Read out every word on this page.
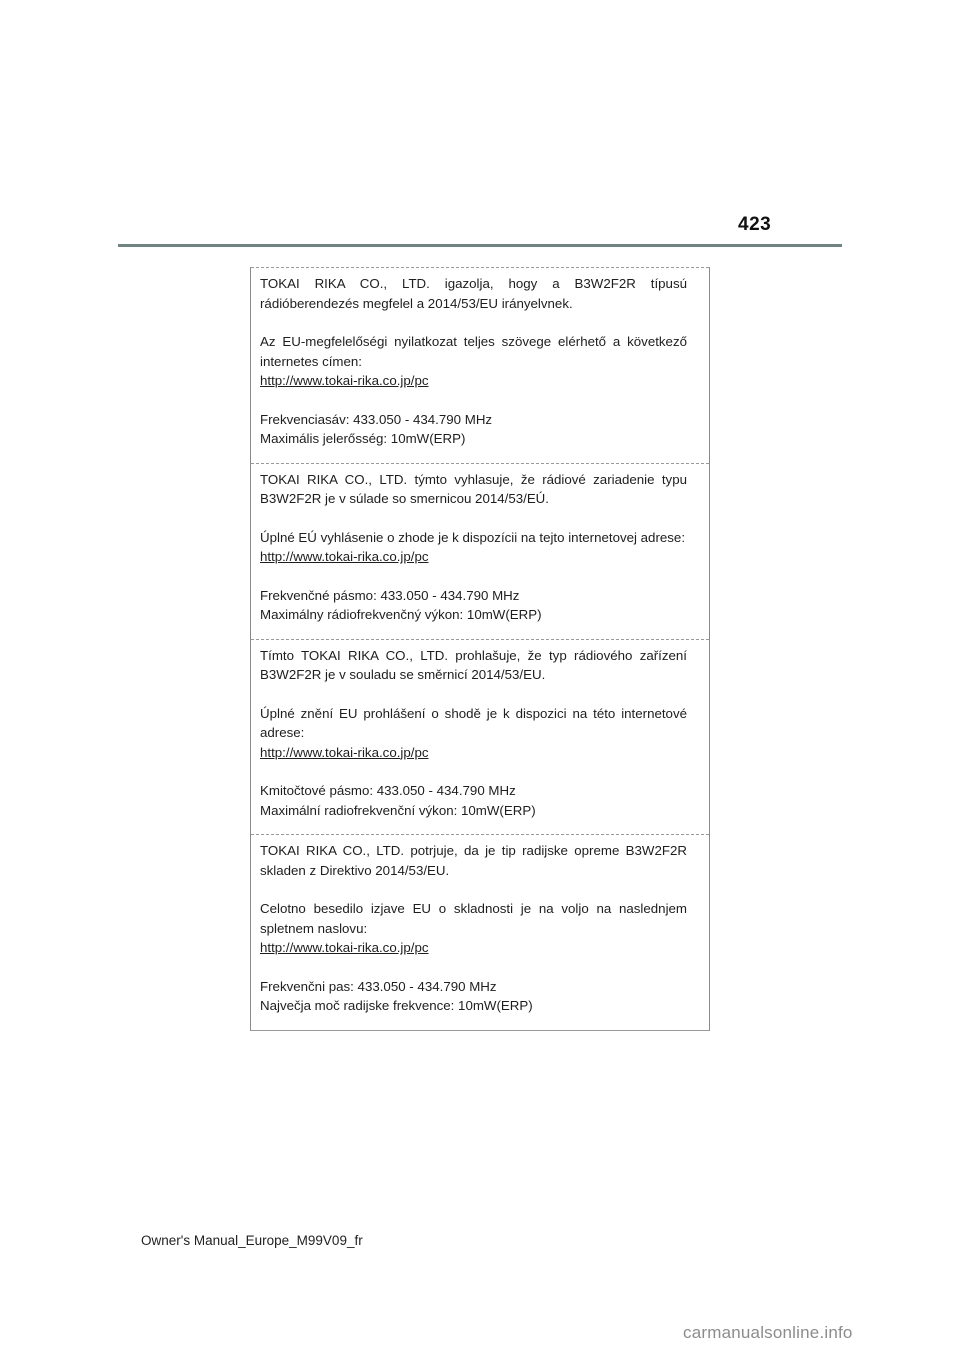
423

TOKAI RIKA CO., LTD. igazolja, hogy a B3W2F2R típusú rádióberendezés megfelel a 2014/53/EU irányelvnek.

Az EU-megfelelőségi nyilatkozat teljes szövege elérhető a következő internetes címen:

http://www.tokai-rika.co.jp/pc

Frekvenciasáv: 433.050 - 434.790 MHz

Maximális jelerősség: 10mW(ERP)

TOKAI RIKA CO., LTD. týmto vyhlasuje, že rádiové zariadenie typu B3W2F2R je v súlade so smernicou 2014/53/EÚ.

Úplné EÚ vyhlásenie o zhode je k dispozícii na tejto internetovej adrese:

http://www.tokai-rika.co.jp/pc

Frekvenčné pásmo: 433.050 - 434.790 MHz

Maximálny rádiofrekvenčný výkon: 10mW(ERP)

Tímto TOKAI RIKA CO., LTD. prohlašuje, že typ rádiového zařízení B3W2F2R je v souladu se směrnicí 2014/53/EU.

Úplné znění EU prohlášení o shodě je k dispozici na této internetové adrese:

http://www.tokai-rika.co.jp/pc

Kmitočtové pásmo: 433.050 - 434.790 MHz

Maximální radiofrekvenční výkon: 10mW(ERP)

TOKAI RIKA CO., LTD. potrjuje, da je tip radijske opreme B3W2F2R skladen z Direktivo 2014/53/EU.

Celotno besedilo izjave EU o skladnosti je na voljo na naslednjem spletnem naslovu:

http://www.tokai-rika.co.jp/pc

Frekvenčni pas: 433.050 - 434.790 MHz

Največja moč radijske frekvence: 10mW(ERP)

Owner's Manual_Europe_M99V09_fr
carmanualsonline.info
